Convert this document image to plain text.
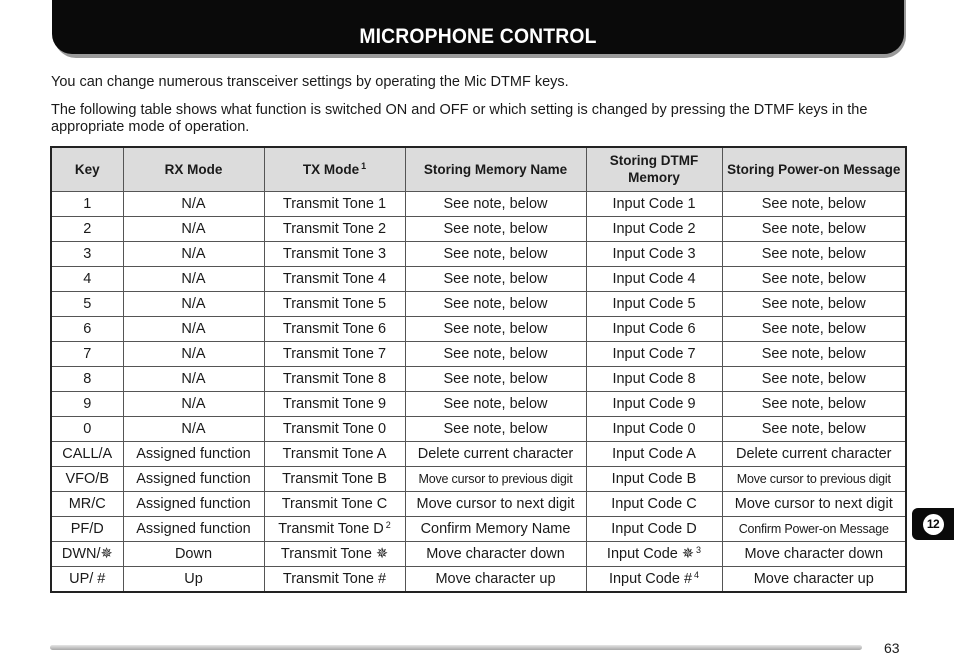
MICROPHONE CONTROL

You can change numerous transceiver settings by operating the Mic DTMF keys.

The following table shows what function is switched ON and OFF or which setting is changed by pressing the DTMF keys in the appropriate mode of operation.

Key	RX Mode	TX Mode $^1$	Storing Memory Name	Storing DTMF Memory	Storing Power-on Message
1	N/A	Transmit Tone 1	See note, below	Input Code 1	See note, below
2	N/A	Transmit Tone 2	See note, below	Input Code 2	See note, below
3	N/A	Transmit Tone 3	See note, below	Input Code 3	See note, below
4	N/A	Transmit Tone 4	See note, below	Input Code 4	See note, below
5	N/A	Transmit Tone 5	See note, below	Input Code 5	See note, below
6	N/A	Transmit Tone 6	See note, below	Input Code 6	See note, below
7	N/A	Transmit Tone 7	See note, below	Input Code 7	See note, below
8	N/A	Transmit Tone 8	See note, below	Input Code 8	See note, below
9	N/A	Transmit Tone 9	See note, below	Input Code 9	See note, below
0	N/A	Transmit Tone 0	See note, below	Input Code 0	See note, below
CALL/A	Assigned function	Transmit Tone A	Delete current character	Input Code A	Delete current character
VFO/B	Assigned function	Transmit Tone B	Move cursor to previous digit	Input Code B	Move cursor to previous digit
MR/C	Assigned function	Transmit Tone C	Move cursor to next digit	Input Code C	Move cursor to next digit
PF/D	Assigned function	Transmit Tone D $^2$	Confirm Memory Name	Input Code D	Confirm Power-on Message
DWN/✵	Down	Transmit Tone ✵	Move character down	Input Code ✵ $^3$	Move character down
UP/ #	Up	Transmit Tone #	Move character up	Input Code # $^4$	Move character up
12
63
